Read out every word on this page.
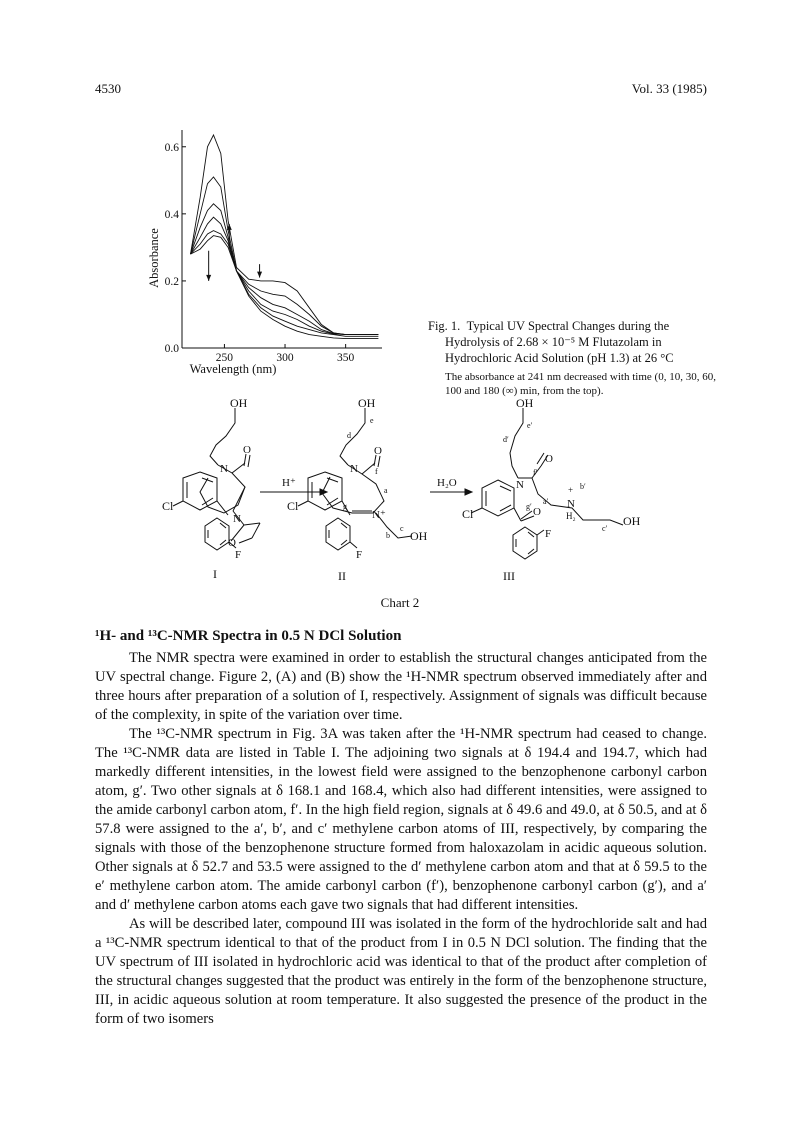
4530	Vol. 33 (1985)
250	300	350
0.0
0.2
0.4
0.6
Wavelength (nm)
Absorbance
Fig. 1. Typical UV Spectral Changes during the Hydrolysis of 2.68 × 10⁻⁵ M Flutazolam in Hydrochloric Acid Solution (pH 1.3) at 26 °C
The absorbance at 241 nm decreased with time (0, 10, 30, 60, 100 and 180 (∞) min, from the top).
OH
N
O
Cl
N
O
F
I
H⁺
OH
e
d
N
O
f
a
N⁺
g
c
b OH
Cl
F
II
H₂O
OH
e′
d′
N
f′
O
a′
+
N
H₂
b′
c′
OH
g′ O
Cl
F
III
Chart 2
¹H- and ¹³C-NMR Spectra in 0.5 N DCl Solution

The NMR spectra were examined in order to establish the structural changes anticipated from the UV spectral change. Figure 2, (A) and (B) show the ¹H-NMR spectrum observed immediately after and three hours after preparation of a solution of I, respectively. Assignment of signals was difficult because of the complexity, in spite of the variation over time.

The ¹³C-NMR spectrum in Fig. 3A was taken after the ¹H-NMR spectrum had ceased to change. The ¹³C-NMR data are listed in Table I. The adjoining two signals at δ 194.4 and 194.7, which had markedly different intensities, in the lowest field were assigned to the benzophenone carbonyl carbon atom, g′. Two other signals at δ 168.1 and 168.4, which also had different intensities, were assigned to the amide carbonyl carbon atom, f′. In the high field region, signals at δ 49.6 and 49.0, at δ 50.5, and at δ 57.8 were assigned to the a′, b′, and c′ methylene carbon atoms of III, respectively, by comparing the signals with those of the benzophenone structure formed from haloxazolam in acidic aqueous solution. Other signals at δ 52.7 and 53.5 were assigned to the d′ methylene carbon atom and that at δ 59.5 to the e′ methylene carbon atom. The amide carbonyl carbon (f′), benzophenone carbonyl carbon (g′), and a′ and d′ methylene carbon atoms each gave two signals that had different intensities.

As will be described later, compound III was isolated in the form of the hydrochloride salt and had a ¹³C-NMR spectrum identical to that of the product from I in 0.5 N DCl solution. The finding that the UV spectrum of III isolated in hydrochloric acid was identical to that of the product after completion of the structural changes suggested that the product was entirely in the form of the benzophenone structure, III, in acidic aqueous solution at room temperature. It also suggested the presence of the product in the form of two isomers
